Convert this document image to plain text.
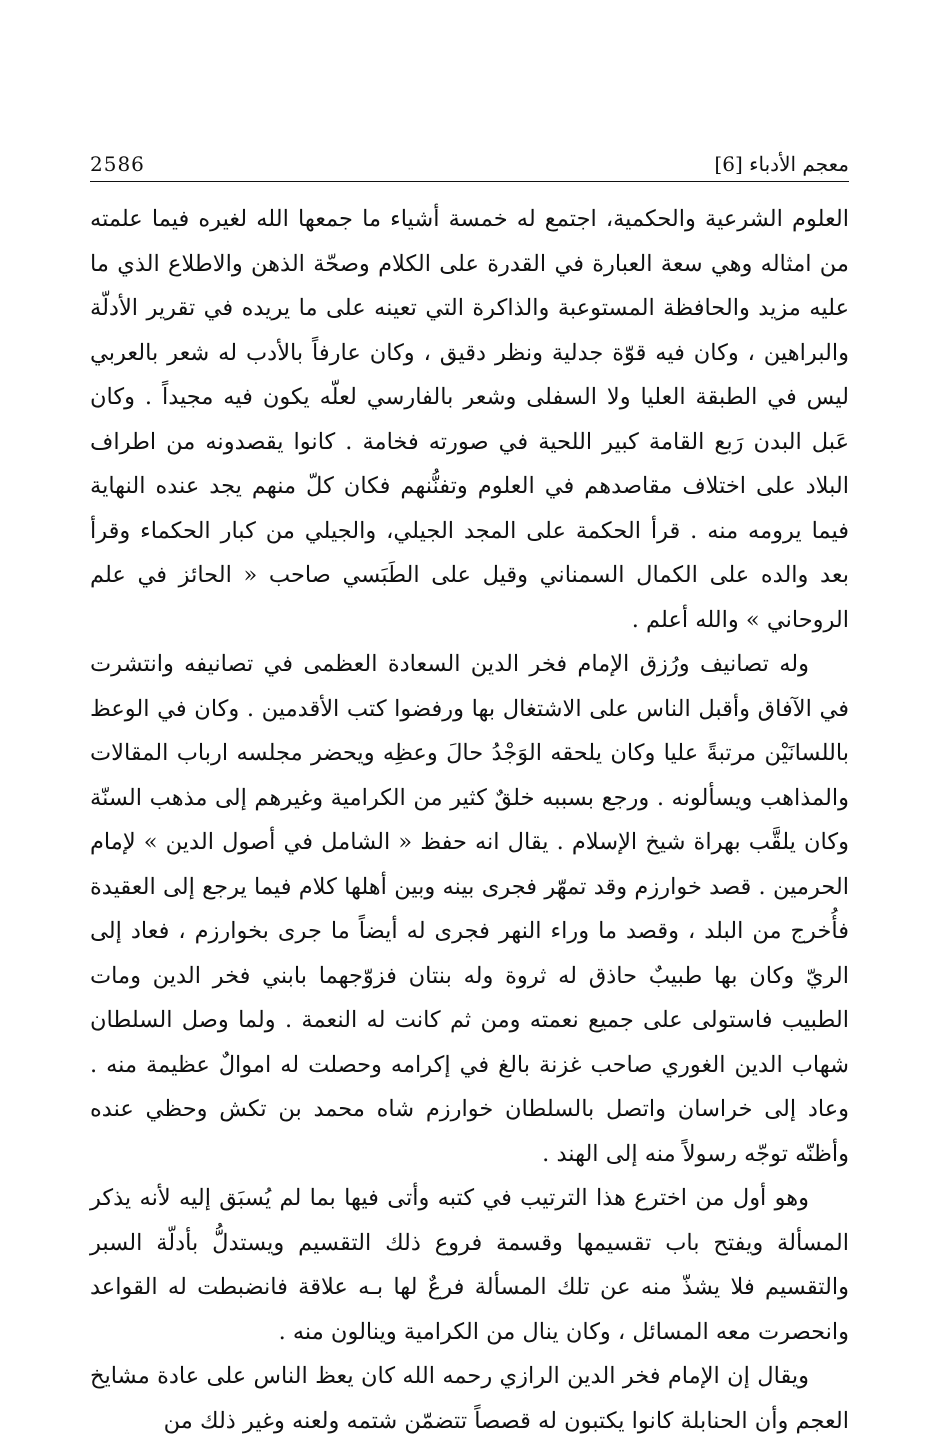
2586	معجم الأدباء [6]

العلوم الشرعية والحكمية، اجتمع له خمسة أشياء ما جمعها الله لغيره فيما علمته من امثاله وهي سعة العبارة في القدرة على الكلام وصحّة الذهن والاطلاع الذي ما عليه مزيد والحافظة المستوعبة والذاكرة التي تعينه على ما يريده في تقرير الأدلّة والبراهين ، وكان فيه قوّة جدلية ونظر دقيق ، وكان عارفاً بالأدب له شعر بالعربي ليس في الطبقة العليا ولا السفلى وشعر بالفارسي لعلّه يكون فيه مجيداً . وكان عَبل البدن رَبع القامة كبير اللحية في صورته فخامة . كانوا يقصدونه من اطراف البلاد على اختلاف مقاصدهم في العلوم وتفنُّنهم فكان كلّ منهم يجد عنده النهاية فيما يرومه منه . قرأ الحكمة على المجد الجيلي، والجيلي من كبار الحكماء وقرأ بعد والده على الكمال السمناني وقيل على الطَبَسي صاحب « الحائز في علم الروحاني » والله أعلم .

وله تصانيف ورُزق الإمام فخر الدين السعادة العظمى في تصانيفه وانتشرت في الآفاق وأقبل الناس على الاشتغال بها ورفضوا كتب الأقدمين . وكان في الوعظ باللسانَيْن مرتبةً عليا وكان يلحقه الوَجْدُ حالَ وعظِه ويحضر مجلسه ارباب المقالات والمذاهب ويسألونه . ورجع بسببه خلقٌ كثير من الكرامية وغيرهم إلى مذهب السنّة وكان يلقَّب بهراة شيخ الإسلام . يقال انه حفظ « الشامل في أصول الدين » لإمام الحرمين . قصد خوارزم وقد تمهّر فجرى بينه وبين أهلها كلام فيما يرجع إلى العقيدة فأُخرج من البلد ، وقصد ما وراء النهر فجرى له أيضاً ما جرى بخوارزم ، فعاد إلى الريّ وكان بها طبيبٌ حاذق له ثروة وله بنتان فزوّجهما بابني فخر الدين ومات الطبيب فاستولى على جميع نعمته ومن ثم كانت له النعمة . ولما وصل السلطان شهاب الدين الغوري صاحب غزنة بالغ في إكرامه وحصلت له اموالٌ عظيمة منه . وعاد إلى خراسان واتصل بالسلطان خوارزم شاه محمد بن تكش وحظي عنده وأظنّه توجّه رسولاً منه إلى الهند .

وهو أول من اخترع هذا الترتيب في كتبه وأتى فيها بما لم يُسبَق إليه لأنه يذكر المسألة ويفتح باب تقسيمها وقسمة فروع ذلك التقسيم ويستدلُّ بأدلّة السبر والتقسيم فلا يشذّ منه عن تلك المسألة فرعٌ لها بـه علاقة فانضبطت له القواعد وانحصرت معه المسائل ، وكان ينال من الكرامية وينالون منه .

ويقال إن الإمام فخر الدين الرازي رحمه الله كان يعظ الناس على عادة مشايخ العجم وأن الحنابلة كانوا يكتبون له قصصاً تتضمّن شتمه ولعنه وغير ذلك من
